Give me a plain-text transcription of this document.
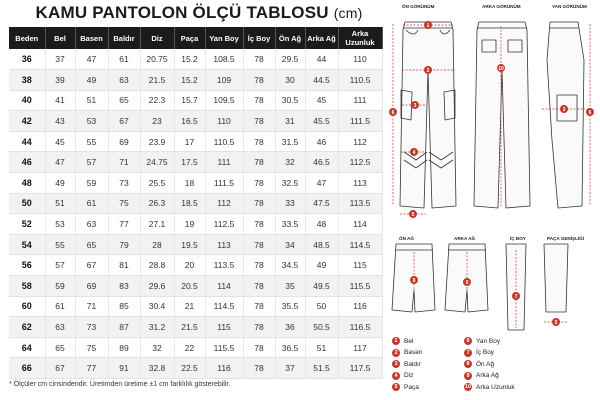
KAMU PANTOLON ÖLÇÜ TABLOSU (cm)
Beden	Bel	Basen	Baldır	Diz	Paça	Yan Boy	İç Boy	Ön Ağ	Arka Ağ	Arka Uzunluk
36	37	47	61	20.75	15.2	108.5	78	29.5	44	110
38	39	49	63	21.5	15.2	109	78	30	44.5	110.5
40	41	51	65	22.3	15.7	109.5	78	30.5	45	111
42	43	53	67	23	16.5	110	78	31	45.5	111.5
44	45	55	69	23.9	17	110.5	78	31.5	46	112
46	47	57	71	24.75	17.5	111	78	32	46.5	112.5
48	49	59	73	25.5	18	111.5	78	32.5	47	113
50	51	61	75	26.3	18.5	112	78	33	47.5	113.5
52	53	63	77	27.1	19	112.5	78	33.5	48	114
54	55	65	79	28	19.5	113	78	34	48.5	114.5
56	57	67	81	28.8	20	113.5	78	34.5	49	115
58	59	69	83	29.6	20.5	114	78	35	49.5	115.5
60	61	71	85	30.4	21	114.5	78	35.5	50	116
62	63	73	87	31.2	21.5	115	78	36	50.5	116.5
64	65	75	89	32	22	115.5	78	36.5	51	117
66	67	77	91	32.8	22.5	116	78	37	51.5	117.5
* Ölçüler cm cinsindendir. Üretimden üretime ±1 cm farklılık gösterebilir.
ÖN GÖRÜNÜM	ARKA GÖRÜNÜM	YAN GÖRÜNÜM
ÖN AĞ	ARKA AĞ	İÇ BOY	PAÇA GENİŞLİĞİ
1
2
3
4
5
6
10
6
3
8	9
7
5
1 Bel
2 Basen
3 Baldır
4 Diz
5 Paça
6 Yan Boy
7 İç Boy
8 Ön Ağ
9 Arka Ağ
10 Arka Uzunluk
